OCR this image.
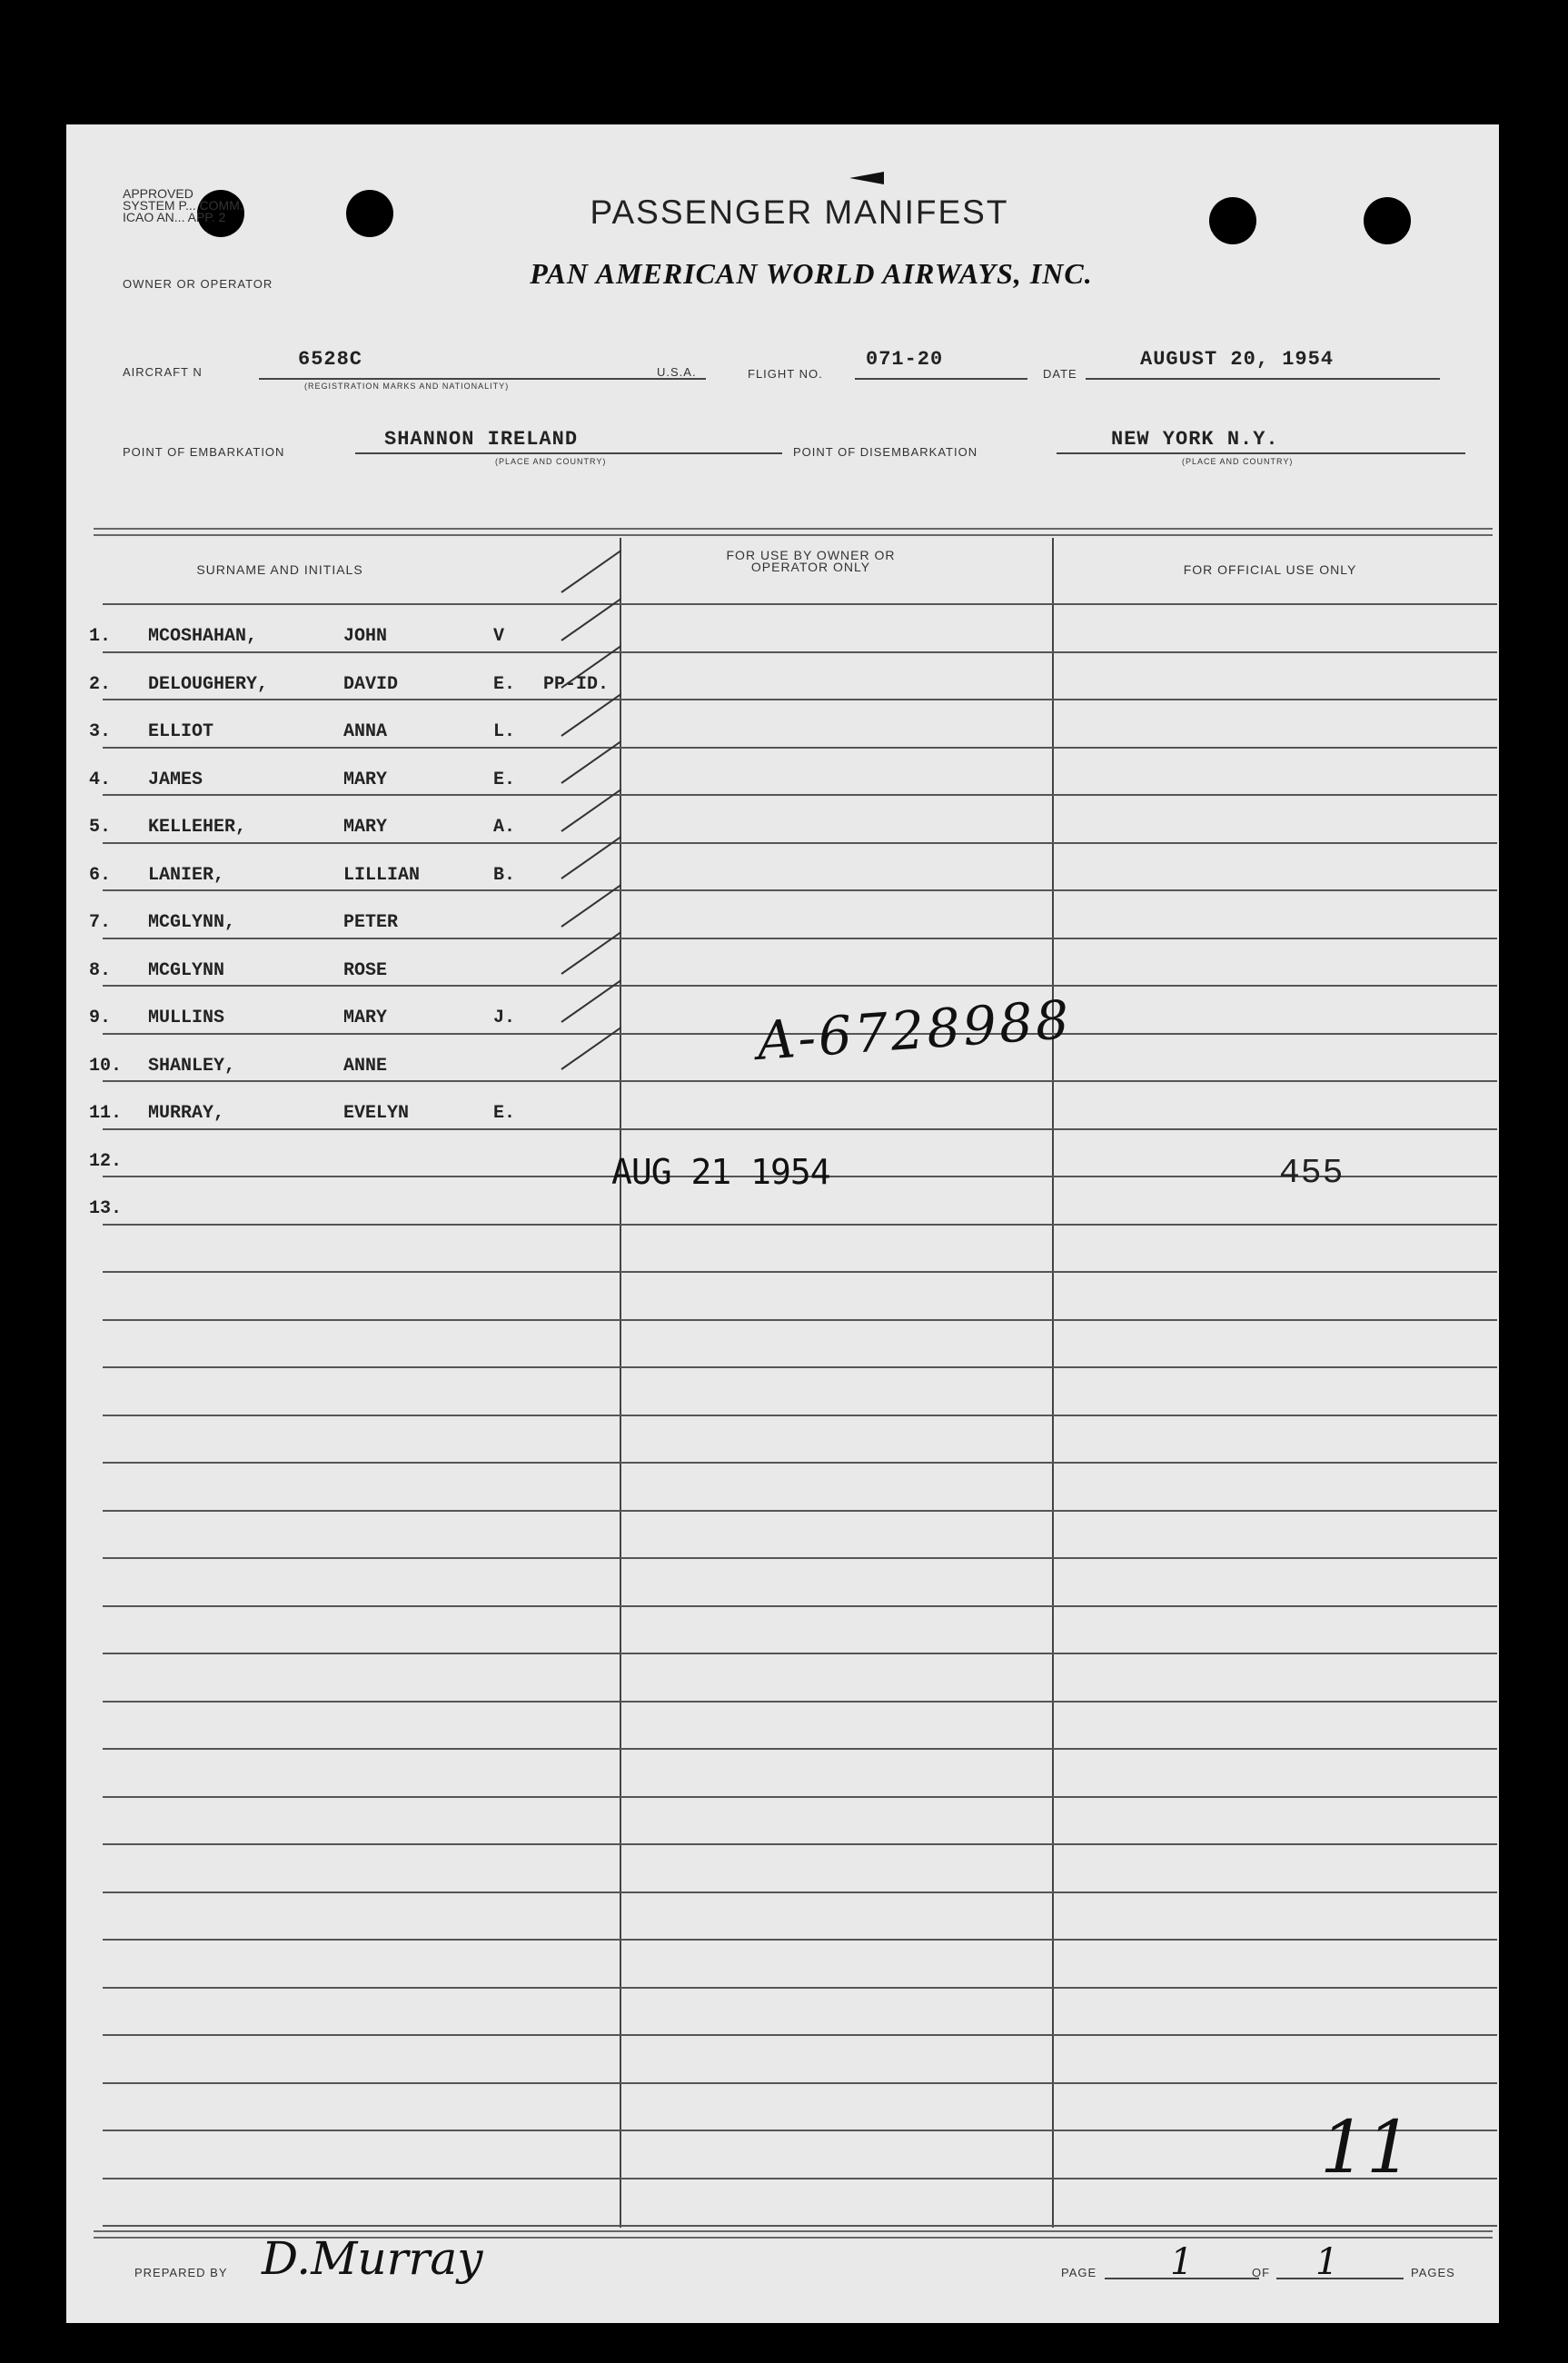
APPROVED
SYSTEM P... COMM.
ICAO AN... APP. 2	PASSENGER MANIFEST
OWNER OR OPERATOR	PAN AMERICAN WORLD AIRWAYS, INC.
AIRCRAFT N
6528C
(REGISTRATION MARKS AND NATIONALITY)
U.S.A.	FLIGHT NO.
071-20
DATE
AUGUST 20, 1954
POINT OF EMBARKATION
SHANNON IRELAND
(PLACE AND COUNTRY)
POINT OF DISEMBARKATION
NEW YORK N.Y.
(PLACE AND COUNTRY)
SURNAME AND INITIALS
FOR USE BY OWNER OR OPERATOR ONLY	FOR OFFICIAL USE ONLY
1. MCOSHAHAN,	JOHN	V
2. DELOUGHERY,	DAVID	E. PP-ID.
3. ELLIOT	ANNA	L.
4. JAMES	MARY	E.
5. KELLEHER,	MARY	A.
6. LANIER,	LILLIAN	B.
7. MCGLYNN,	PETER
8. MCGLYNN	ROSE
9. MULLINS	MARY	J.
10. SHANLEY,	ANNE
11. MURRAY,	EVELYN	E.
12.
13.
A-6728988
AUG 21 1954	455
11
PREPARED BY D.Murray	PAGE 1	OF 1	PAGES
